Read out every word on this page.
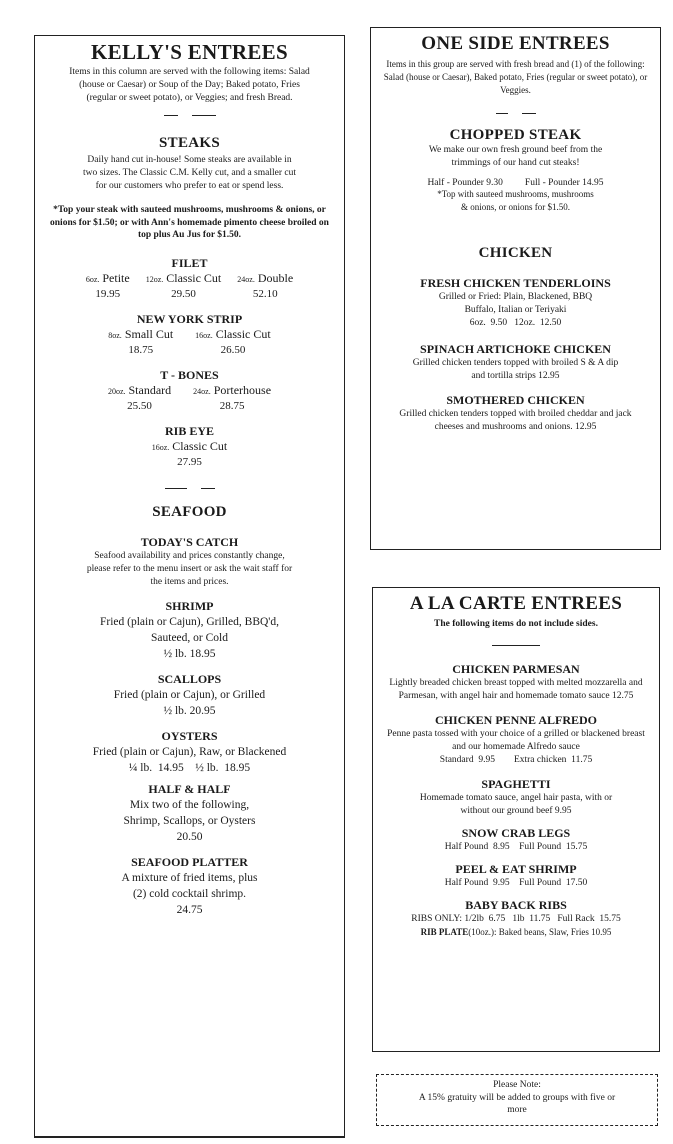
KELLY'S ENTREES

Items in this column are served with the following items: Salad (house or Caesar) or Soup of the Day; Baked potato, Fries (regular or sweet potato), or Veggies; and fresh Bread.

STEAKS

Daily hand cut in-house! Some steaks are available in two sizes. The Classic C.M. Kelly cut, and a smaller cut for our customers who prefer to eat or spend less.

*Top your steak with sauteed mushrooms, mushrooms & onions, or onions for $1.50; or with Ann's homemade pimento cheese broiled on top plus Au Jus for $1.50.

FILET
6oz. Petite
19.95
12oz. Classic Cut
29.50
24oz. Double
52.10
NEW YORK STRIP
8oz. Small Cut
18.75
16oz. Classic Cut
26.50
T - BONES
20oz. Standard
25.50
24oz. Porterhouse
28.75
RIB EYE
16oz. Classic Cut
27.95
SEAFOOD
TODAY'S CATCH

Seafood availability and prices constantly change, please refer to the menu insert or ask the wait staff for the items and prices.

SHRIMP

Fried (plain or Cajun), Grilled, BBQ'd, Sauteed, or Cold

½ lb. 18.95

SCALLOPS

Fried (plain or Cajun), or Grilled

½ lb. 20.95

OYSTERS

Fried (plain or Cajun), Raw, or Blackened

¼ lb.  14.95    ½ lb.  18.95

HALF & HALF

Mix two of the following, Shrimp, Scallops, or Oysters

20.50

SEAFOOD PLATTER

A mixture of fried items, plus (2) cold cocktail shrimp.

24.75

ONE SIDE ENTREES

Items in this group are served with fresh bread and (1) of the following: Salad (house or Caesar), Baked potato, Fries (regular or sweet potato), or Veggies.

CHOPPED STEAK

We make our own fresh ground beef from the trimmings of our hand cut steaks!

Half - Pounder 9.30 Full - Pounder 14.95

*Top with sauteed mushrooms, mushrooms & onions, or onions for $1.50.

CHICKEN
FRESH CHICKEN TENDERLOINS

Grilled or Fried: Plain, Blackened, BBQ Buffalo, Italian or Teriyaki

6oz.  9.50   12oz.  12.50

SPINACH ARTICHOKE CHICKEN

Grilled chicken tenders topped with broiled S & A dip and tortilla strips 12.95

SMOTHERED CHICKEN

Grilled chicken tenders topped with broiled cheddar and jack cheeses and mushrooms and onions. 12.95

A LA CARTE ENTREES

The following items do not include sides.

CHICKEN PARMESAN

Lightly breaded chicken breast topped with melted mozzarella and Parmesan, with angel hair and homemade tomato sauce 12.75

CHICKEN PENNE ALFREDO

Penne pasta tossed with your choice of a grilled or blackened breast and our homemade Alfredo sauce

Standard  9.95        Extra chicken  11.75

SPAGHETTI

Homemade tomato sauce, angel hair pasta, with or without our ground beef 9.95

SNOW CRAB LEGS

Half Pound  8.95    Full Pound  15.75

PEEL & EAT SHRIMP

Half Pound  9.95    Full Pound  17.50

BABY BACK RIBS

RIBS ONLY: 1/2lb  6.75   1lb  11.75   Full Rack  15.75

RIB PLATE(10oz.): Baked beans, Slaw, Fries 10.95

Please Note:
A 15% gratuity will be added to groups with five or more
